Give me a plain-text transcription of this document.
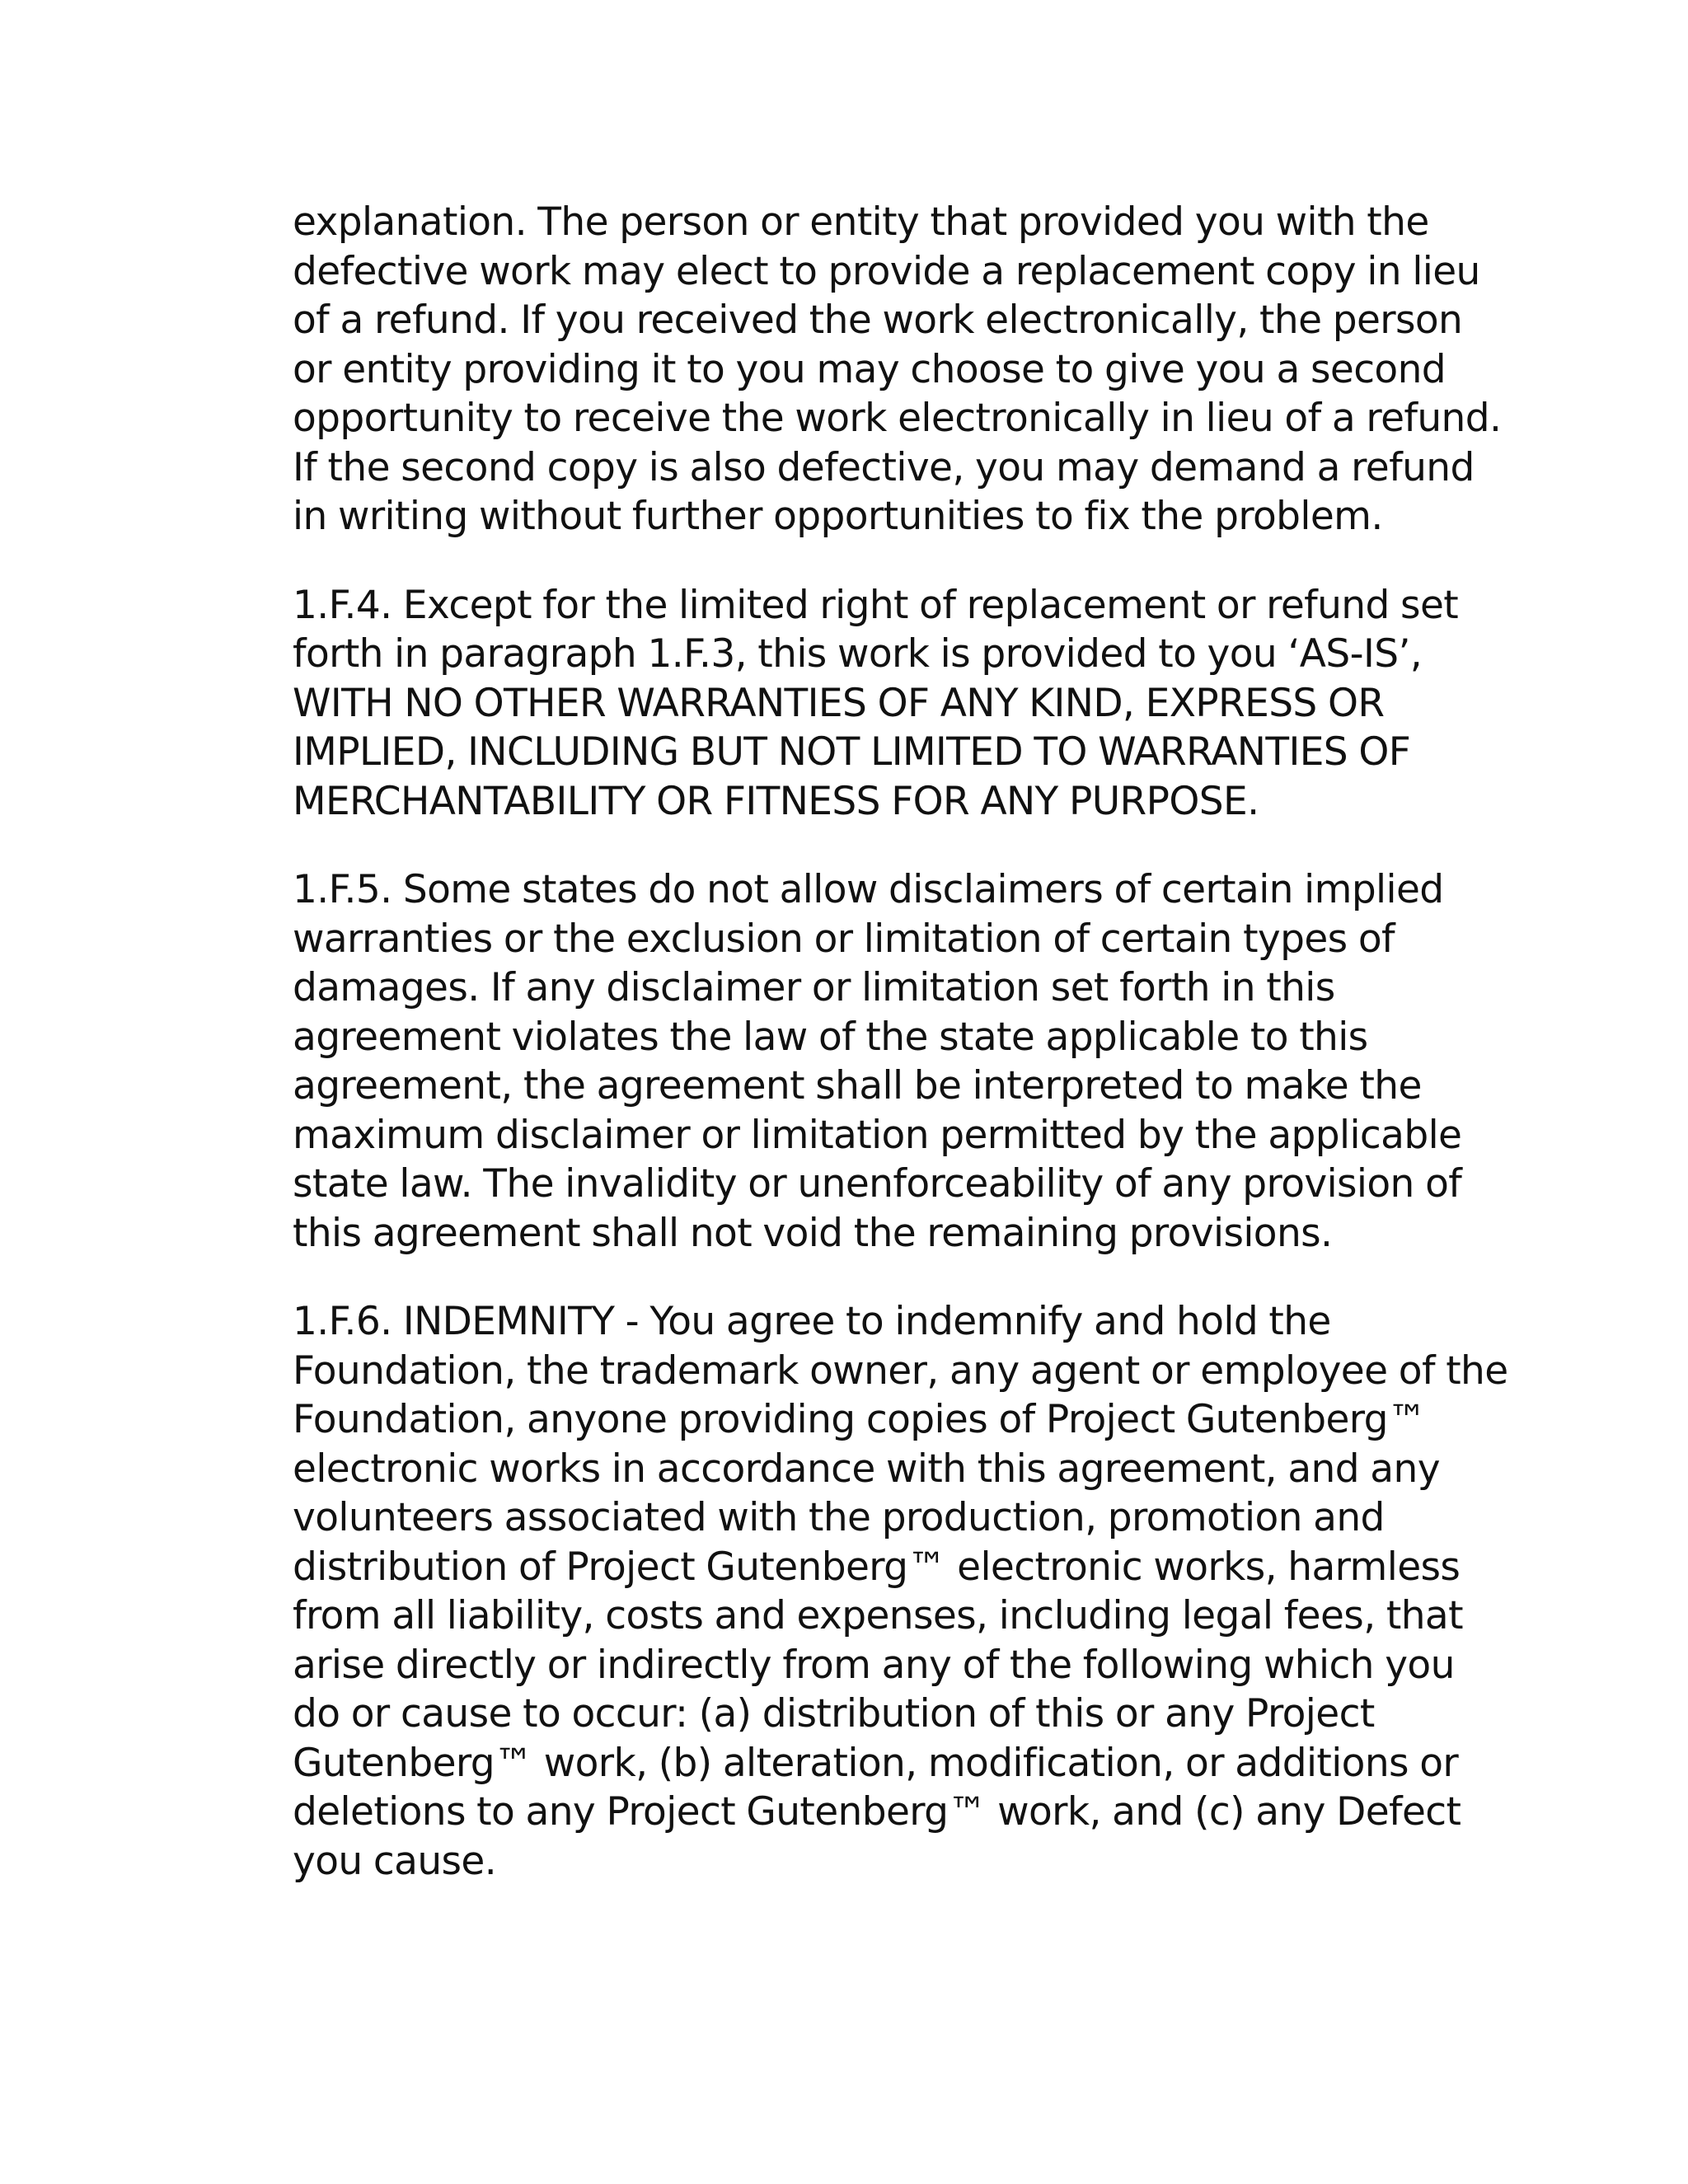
explanation. The person or entity that provided you with the
defective work may elect to provide a replacement copy in lieu
of a refund. If you received the work electronically, the person
or entity providing it to you may choose to give you a second
opportunity to receive the work electronically in lieu of a refund.
If the second copy is also defective, you may demand a refund
in writing without further opportunities to fix the problem.

1.F.4. Except for the limited right of replacement or refund set
forth in paragraph 1.F.3, this work is provided to you ‘AS-IS’,
WITH NO OTHER WARRANTIES OF ANY KIND, EXPRESS OR
IMPLIED, INCLUDING BUT NOT LIMITED TO WARRANTIES OF
MERCHANTABILITY OR FITNESS FOR ANY PURPOSE.

1.F.5. Some states do not allow disclaimers of certain implied
warranties or the exclusion or limitation of certain types of
damages. If any disclaimer or limitation set forth in this
agreement violates the law of the state applicable to this
agreement, the agreement shall be interpreted to make the
maximum disclaimer or limitation permitted by the applicable
state law. The invalidity or unenforceability of any provision of
this agreement shall not void the remaining provisions.

1.F.6. INDEMNITY - You agree to indemnify and hold the
Foundation, the trademark owner, any agent or employee of the
Foundation, anyone providing copies of Project Gutenberg™
electronic works in accordance with this agreement, and any
volunteers associated with the production, promotion and
distribution of Project Gutenberg™ electronic works, harmless
from all liability, costs and expenses, including legal fees, that
arise directly or indirectly from any of the following which you
do or cause to occur: (a) distribution of this or any Project
Gutenberg™ work, (b) alteration, modification, or additions or
deletions to any Project Gutenberg™ work, and (c) any Defect
you cause.
